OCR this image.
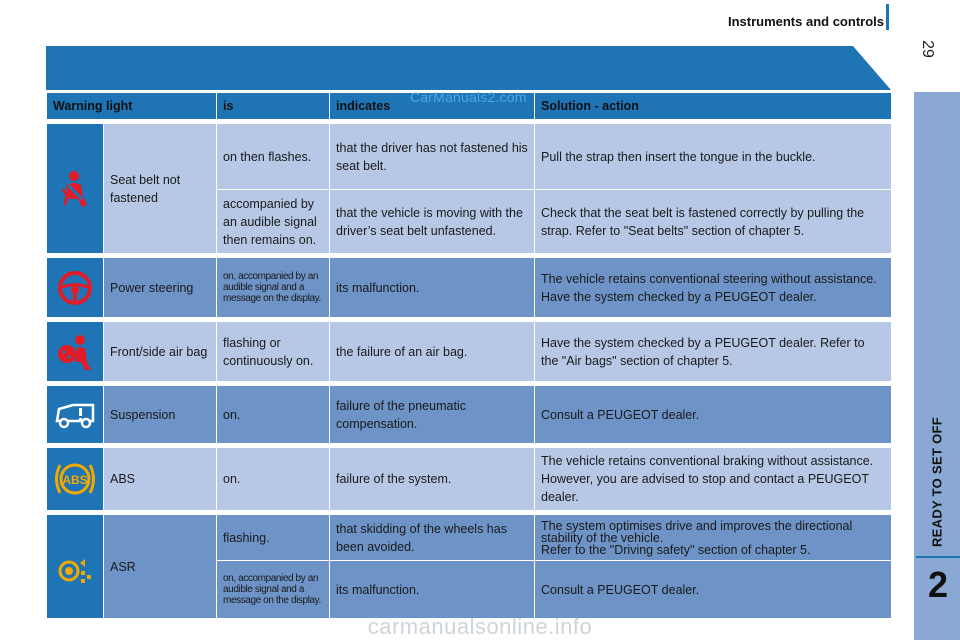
Instruments and controls
29
READY TO SET OFF
2
CarManuals2.com
Warning light		is	indicates	Solution - action

	Seat belt not fastened	on then flashes.	that the driver has not fastened his seat belt.	Pull the strap then insert the tongue in the buckle.
		accompanied by an audible signal then remains on.	that the vehicle is moving with the driver’s seat belt unfastened.	Check that the seat belt is fastened correctly by pulling the strap. Refer to "Seat belts" section of chapter 5.

	Power steering	on, accompanied by an audible signal and a message on the display.	its malfunction.	The vehicle retains conventional steering without assistance. Have the system checked by a PEUGEOT dealer.

	Front/side air bag	flashing or continuously on.	the failure of an air bag.	Have the system checked by a PEUGEOT dealer. Refer to the "Air bags" section of chapter 5.

	Suspension	on.	failure of the pneumatic compensation.	Consult a PEUGEOT dealer.

ABS	ABS	on.	failure of the system.	The vehicle retains conventional braking without assistance. However, you are advised to stop and contact a PEUGEOT dealer.

	ASR	flashing.	that skidding of the wheels has been avoided.	The system optimises drive and improves the directional stability of the vehicle.
Refer to the "Driving safety" section of chapter 5.
		on, accompanied by an audible signal and a message on the display.	its malfunction.	Consult a PEUGEOT dealer.
carmanualsonline.info
